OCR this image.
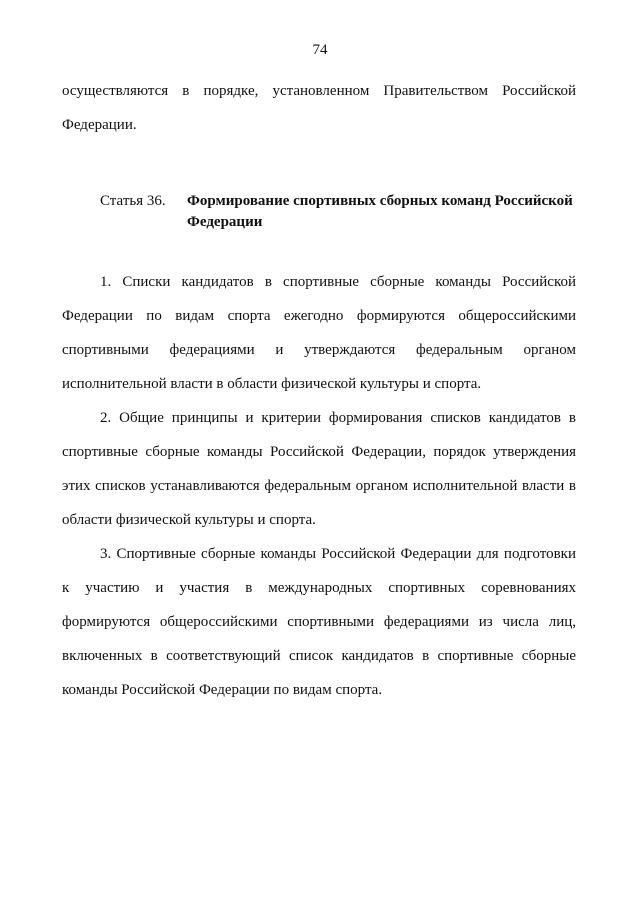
74

осуществляются в порядке, установленном Правительством Российской Федерации.

Статья 36.	Формирование спортивных сборных команд Российской Федерации

1. Списки кандидатов в спортивные сборные команды Российской Федерации по видам спорта ежегодно формируются общероссийскими спортивными федерациями и утверждаются федеральным органом исполнительной власти в области физической культуры и спорта.

2. Общие принципы и критерии формирования списков кандидатов в спортивные сборные команды Российской Федерации, порядок утверждения этих списков устанавливаются федеральным органом исполнительной власти в области физической культуры и спорта.

3. Спортивные сборные команды Российской Федерации для подготовки к участию и участия в международных спортивных соревнованиях формируются общероссийскими спортивными федерациями из числа лиц, включенных в соответствующий список кандидатов в спортивные сборные команды Российской Федерации по видам спорта.
